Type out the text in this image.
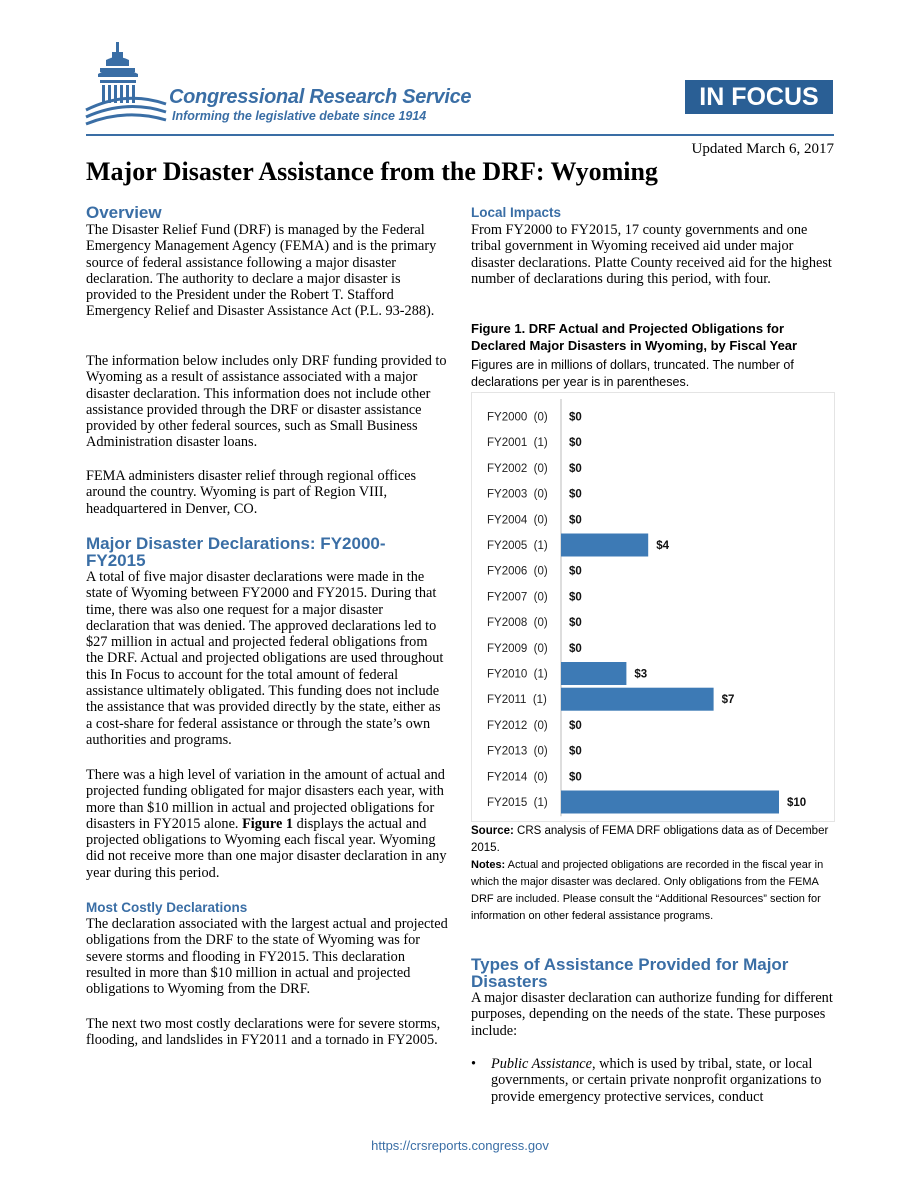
Congressional Research Service
Informing the legislative debate since 1914
IN FOCUS
Updated March 6, 2017
Major Disaster Assistance from the DRF: Wyoming
Overview

The Disaster Relief Fund (DRF) is managed by the Federal Emergency Management Agency (FEMA) and is the primary source of federal assistance following a major disaster declaration. The authority to declare a major disaster is provided to the President under the Robert T. Stafford Emergency Relief and Disaster Assistance Act (P.L. 93-288).

The information below includes only DRF funding provided to Wyoming as a result of assistance associated with a major disaster declaration. This information does not include other assistance provided through the DRF or disaster assistance provided by other federal sources, such as Small Business Administration disaster loans.

FEMA administers disaster relief through regional offices around the country. Wyoming is part of Region VIII, headquartered in Denver, CO.

Major Disaster Declarations: FY2000-FY2015

A total of five major disaster declarations were made in the state of Wyoming between FY2000 and FY2015. During that time, there was also one request for a major disaster declaration that was denied. The approved declarations led to $27 million in actual and projected federal obligations from the DRF. Actual and projected obligations are used throughout this In Focus to account for the total amount of federal assistance ultimately obligated. This funding does not include the assistance that was provided directly by the state, either as a cost-share for federal assistance or through the state’s own authorities and programs.

There was a high level of variation in the amount of actual and projected funding obligated for major disasters each year, with more than $10 million in actual and projected obligations for disasters in FY2015 alone. Figure 1 displays the actual and projected obligations to Wyoming each fiscal year. Wyoming did not receive more than one major disaster declaration in any year during this period.

Most Costly Declarations

The declaration associated with the largest actual and projected obligations from the DRF to the state of Wyoming was for severe storms and flooding in FY2015. This declaration resulted in more than $10 million in actual and projected obligations to Wyoming from the DRF.

The next two most costly declarations were for severe storms, flooding, and landslides in FY2011 and a tornado in FY2005.

Local Impacts

From FY2000 to FY2015, 17 county governments and one tribal government in Wyoming received aid under major disaster declarations. Platte County received aid for the highest number of declarations during this period, with four.

Figure 1. DRF Actual and Projected Obligations for Declared Major Disasters in Wyoming, by Fiscal Year

Figures are in millions of dollars, truncated. The number of declarations per year is in parentheses.

Source: CRS analysis of FEMA DRF obligations data as of December 2015.

Notes: Actual and projected obligations are recorded in the fiscal year in which the major disaster was declared. Only obligations from the FEMA DRF are included. Please consult the “Additional Resources” section for information on other federal assistance programs.

Types of Assistance Provided for Major Disasters

A major disaster declaration can authorize funding for different purposes, depending on the needs of the state. These purposes include:

• Public Assistance, which is used by tribal, state, or local governments, or certain private nonprofit organizations to provide emergency protective services, conduct
FY2000  (0) $0
FY2001  (1) $0
FY2002  (0) $0
FY2003  (0) $0
FY2004  (0) $0
FY2005  (1)	$4
FY2006  (0) $0
FY2007  (0) $0
FY2008  (0) $0
FY2009  (0) $0
FY2010  (1)	$3
FY2011  (1)	$7
FY2012  (0) $0
FY2013  (0) $0
FY2014  (0) $0
FY2015  (1)	$10
https://crsreports.congress.gov
